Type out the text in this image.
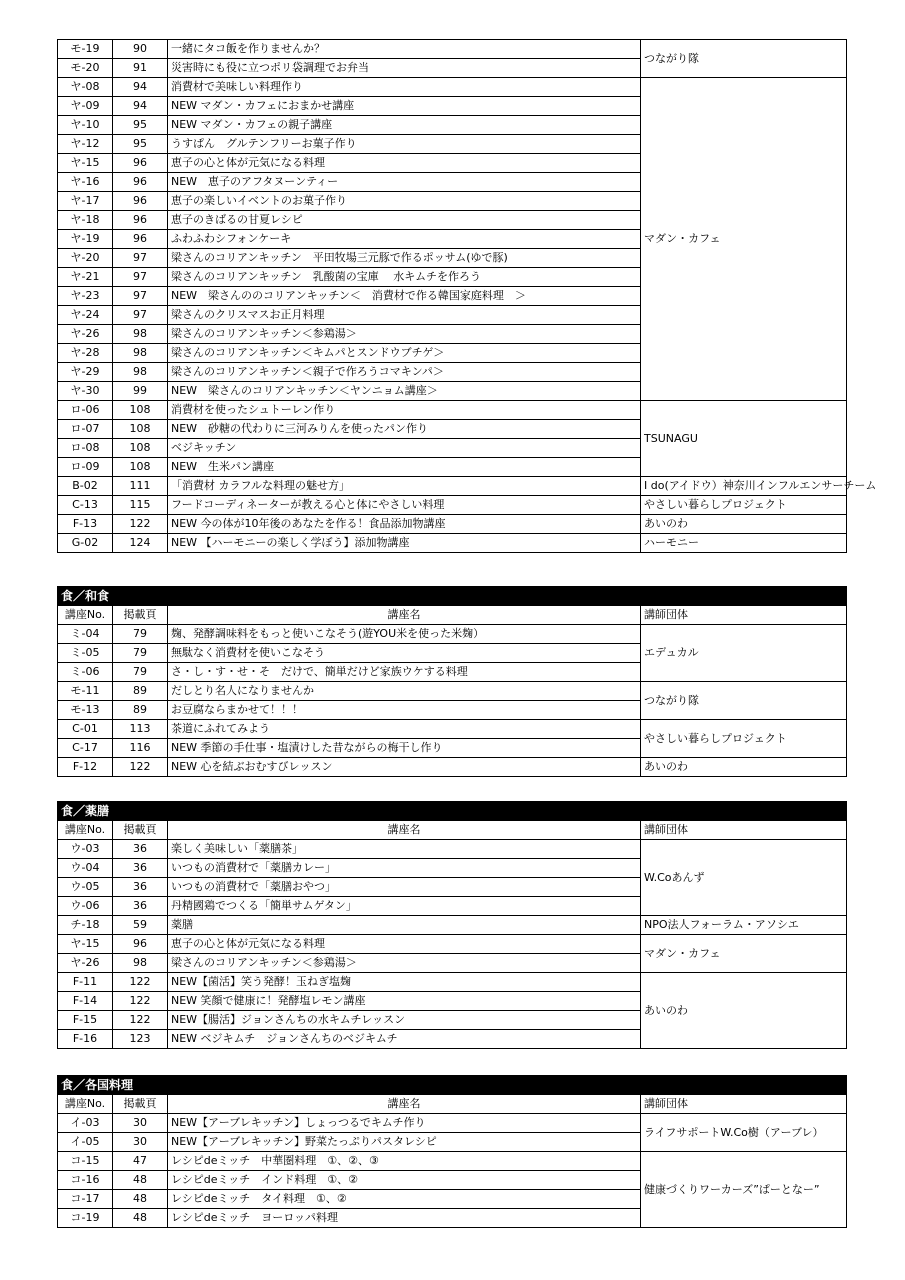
モ-19	90	一緒にタコ飯を作りませんか？	つながり隊
モ-20	91	災害時にも役に立つポリ袋調理でお弁当	
ヤ-08	94	消費材で美味しい料理作り	マダン・カフェ
ヤ-09	94	NEW マダン・カフェにおまかせ講座	
ヤ-10	95	NEW マダン・カフェの親子講座	
ヤ-12	95	うすぱん　グルテンフリーお菓子作り	
ヤ-15	96	恵子の心と体が元気になる料理	
ヤ-16	96	NEW　恵子のアフタヌーンティー	
ヤ-17	96	恵子の楽しいイベントのお菓子作り	
ヤ-18	96	恵子のきばるの甘夏レシピ	
ヤ-19	96	ふわふわシフォンケーキ	
ヤ-20	97	梁さんのコリアンキッチン　平田牧場三元豚で作るポッサム(ゆで豚)	
ヤ-21	97	梁さんのコリアンキッチン　乳酸菌の宝庫　 水キムチを作ろう	
ヤ-23	97	NEW　梁さんののコリアンキッチン＜　消費材で作る韓国家庭料理　＞	
ヤ-24	97	梁さんのクリスマスお正月料理	
ヤ-26	98	梁さんのコリアンキッチン＜参鶏湯＞	
ヤ-28	98	梁さんのコリアンキッチン＜キムパとスンドウブチゲ＞	
ヤ-29	98	梁さんのコリアンキッチン＜親子で作ろうコマキンパ＞	
ヤ-30	99	NEW　梁さんのコリアンキッチン＜ヤンニョム講座＞	
ロ-06	108	消費材を使ったシュトーレン作り	TSUNAGU
ロ-07	108	NEW　砂糖の代わりに三河みりんを使ったパン作り	
ロ-08	108	ベジキッチン	
ロ-09	108	NEW　生米パン講座	
B-02	111	「消費材 カラフルな料理の魅せ方」	I do(アイドウ）神奈川インフルエンサーチーム
C-13	115	フードコーディネーターが教える心と体にやさしい料理	やさしい暮らしプロジェクト
F-13	122	NEW 今の体が10年後のあなたを作る！食品添加物講座	あいのわ
G-02	124	NEW 【ハーモニーの楽しく学ぼう】添加物講座	ハーモニー
食／和食			
講座No.	掲載頁	講座名	講師団体
ミ-04	79	麹、発酵調味料をもっと使いこなそう(遊YOU米を使った米麹）	エデュカル
ミ-05	79	無駄なく消費材を使いこなそう	
ミ-06	79	さ・し・す・せ・そ　だけで、簡単だけど家族ウケする料理	
モ-11	89	だしとり名人になりませんか	つながり隊
モ-13	89	お豆腐ならまかせて！！！	
C-01	113	茶道にふれてみよう	やさしい暮らしプロジェクト
C-17	116	NEW 季節の手仕事・塩漬けした昔ながらの梅干し作り	
F-12	122	NEW 心を結ぶおむすびレッスン	あいのわ
食／薬膳			
講座No.	掲載頁	講座名	講師団体
ウ-03	36	楽しく美味しい「薬膳茶」	W.Coあんず
ウ-04	36	いつもの消費材で「薬膳カレー」	
ウ-05	36	いつもの消費材で「薬膳おやつ」	
ウ-06	36	丹精國鶏でつくる「簡単サムゲタン」	
チ-18	59	薬膳	NPO法人フォーラム・アソシエ
ヤ-15	96	恵子の心と体が元気になる料理	マダン・カフェ
ヤ-26	98	梁さんのコリアンキッチン＜参鶏湯＞	
F-11	122	NEW【菌活】笑う発酵！玉ねぎ塩麹	あいのわ
F-14	122	NEW 笑顔で健康に！発酵塩レモン講座	
F-15	122	NEW【腸活】ジョンさんちの水キムチレッスン	
F-16	123	NEW ベジキムチ　ジョンさんちのベジキムチ	
食／各国料理			
講座No.	掲載頁	講座名	講師団体
イ-03	30	NEW【アーブレキッチン】しょっつるでキムチ作り	ライフサポートW.Co樹（アーブレ）
イ-05	30	NEW【アーブレキッチン】野菜たっぷりパスタレシピ	
コ-15	47	レシピdeミッチ　中華圏料理　①、②、③	健康づくりワーカーズ”ぱーとなー”
コ-16	48	レシピdeミッチ　インド料理　①、②	
コ-17	48	レシピdeミッチ　タイ料理　①、②	
コ-19	48	レシピdeミッチ　ヨーロッパ料理	
